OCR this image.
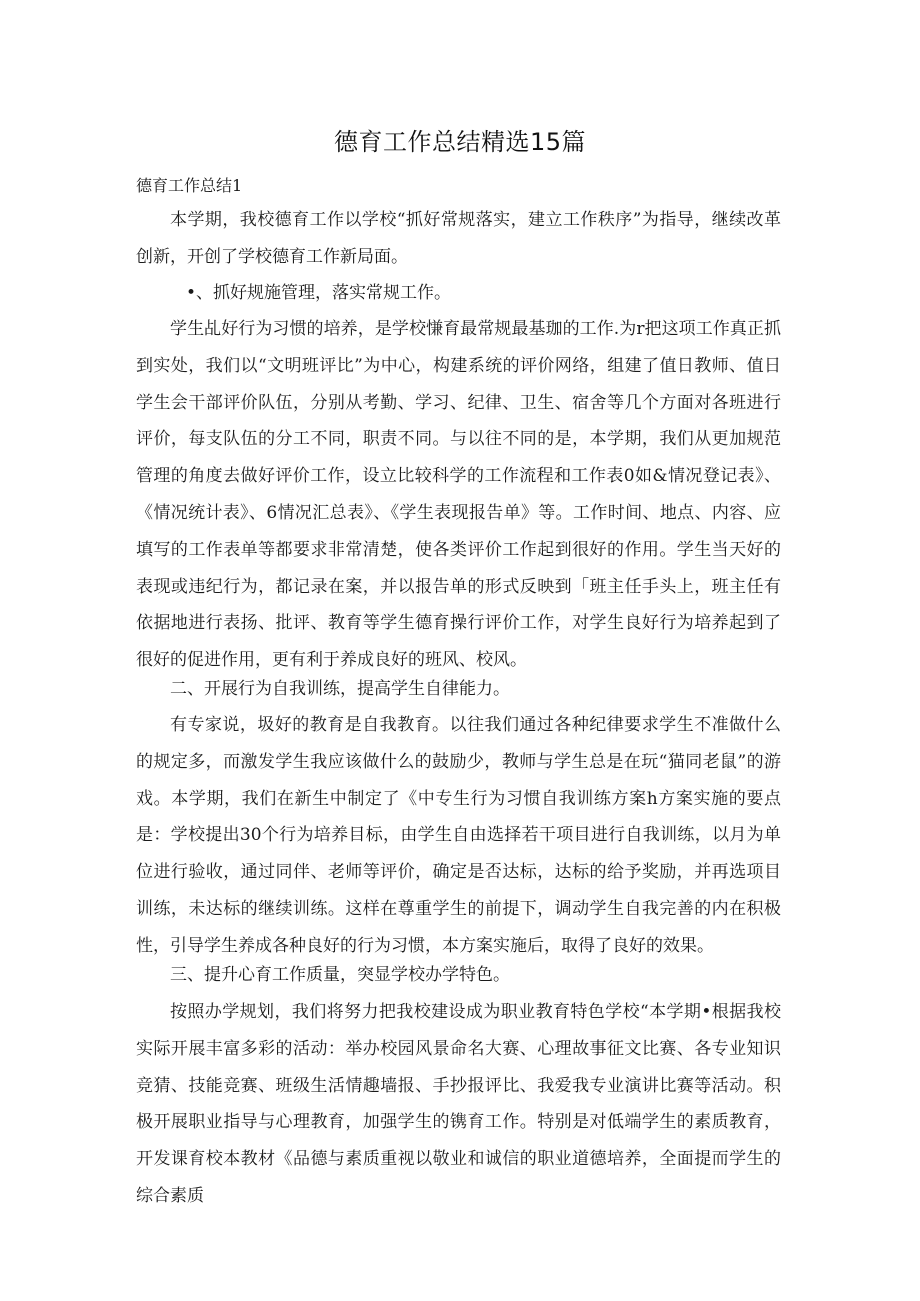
德育工作总结精选15篇
德育工作总结1
本学期，我校德育工作以学校“抓好常规落实，建立工作秩序”为指导，继续改革创新，开创了学校德育工作新局面。
•、抓好规施管理，落实常规工作。
学生乩好行为习惯的培养，是学校慊育最常规最基珈的工作.为r把这项工作真正抓到实处，我们以“文明班评比”为中心，构建系统的评价网络，组建了值日教师、值日学生会干部评价队伍，分别从考勤、学习、纪律、卫生、宿舍等几个方面对各班进行评价，每支队伍的分工不同，职责不同。与以往不同的是，本学期，我们从更加规范管理的角度去做好评价工作，设立比较科学的工作流程和工作表0如&情况登记表》、《情况统计表》、6情况汇总表》、《学生表现报告单》等。工作时间、地点、内容、应填写的工作表单等都要求非常清楚，使各类评价工作起到很好的作用。学生当天好的表现或违纪行为，都记录在案，并以报告单的形式反映到「班主任手头上，班主任有依据地进行表扬、批评、教育等学生德育操行评价工作，对学生良好行为培养起到了很好的促进作用，更有利于养成良好的班风、校风。
二、开展行为自我训练，提高学生自律能力。
有专家说，圾好的教育是自我教育。以往我们通过各种纪律要求学生不准做什么的规定多，而激发学生我应该做什么的鼓励少，教师与学生总是在玩“猫同老鼠”的游戏。本学期，我们在新生中制定了《中专生行为习惯自我训练方案h方案实施的要点是：学校提出30个行为培养目标，由学生自由选择若干项目进行自我训练，以月为单位进行验收，通过同伴、老师等评价，确定是否达标，达标的给予奖励，并再选项目训练，未达标的继续训练。这样在尊重学生的前提下，调动学生自我完善的内在积极性，引导学生养成各种良好的行为习惯，本方案实施后，取得了良好的效果。
三、提升心育工作质量，突显学校办学特色。
按照办学规划，我们将努力把我校建设成为职业教育特色学校“本学期•根据我校实际开展丰富多彩的活动：举办校园风景命名大赛、心理故事征文比赛、各专业知识竞猜、技能竞赛、班级生活情趣墙报、手抄报评比、我爱我专业演讲比赛等活动。积极开展职业指导与心理教育，加强学生的镌育工作。特别是对低端学生的素质教育，开发课育校本教材《品德与素质重视以敬业和诚信的职业道德培养，全面提而学生的综合素质
